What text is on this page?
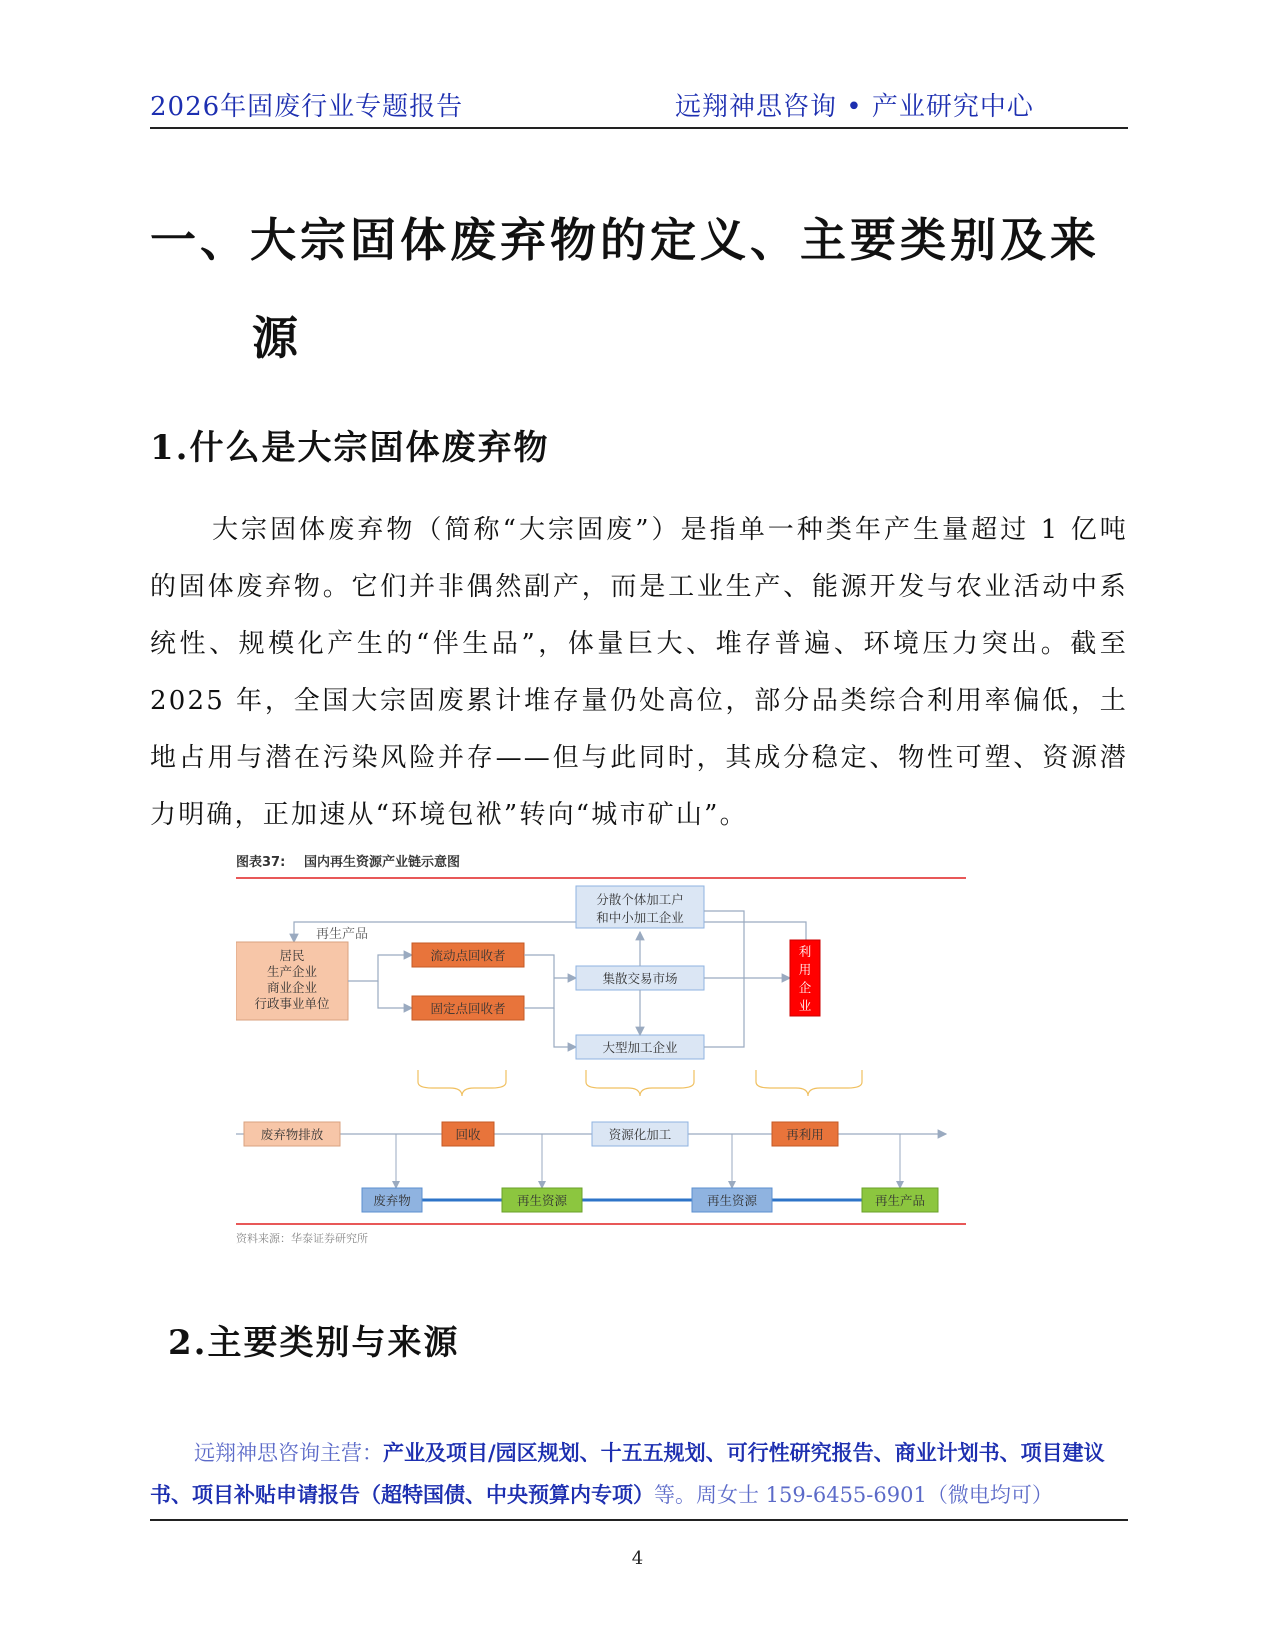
2026年固废行业专题报告	远翔神思咨询 • 产业研究中心
一、大宗固体废弃物的定义、主要类别及来
源
1.什么是大宗固体废弃物

大宗固体废弃物（简称“大宗固废”）是指单一种类年产生量超过 1 亿吨的固体废弃物。它们并非偶然副产，而是工业生产、能源开发与农业活动中系统性、规模化产生的“伴生品”，体量巨大、堆存普遍、环境压力突出。截至 2025 年，全国大宗固废累计堆存量仍处高位，部分品类综合利用率偏低，土地占用与潜在污染风险并存——但与此同时，其成分稳定、物性可塑、资源潜力明确，正加速从“环境包袱”转向“城市矿山”。

图表37: 国内再生资源产业链示意图
再生产品
居民
生产企业
商业企业
行政事业单位
流动点回收者
固定点回收者
分散个体加工户
和中小加工企业
集散交易市场
大型加工企业
利
用
企
业
废弃物排放	回收	资源化加工	再利用
废弃物	再生资源	再生资源	再生产品
资料来源：华泰证券研究所
2.主要类别与来源
远翔神思咨询主营：产业及项目/园区规划、十五五规划、可行性研究报告、商业计划书、项目建议书、项目补贴申请报告（超特国债、中央预算内专项）等。周女士 159-6455-6901（微电均可）
4
